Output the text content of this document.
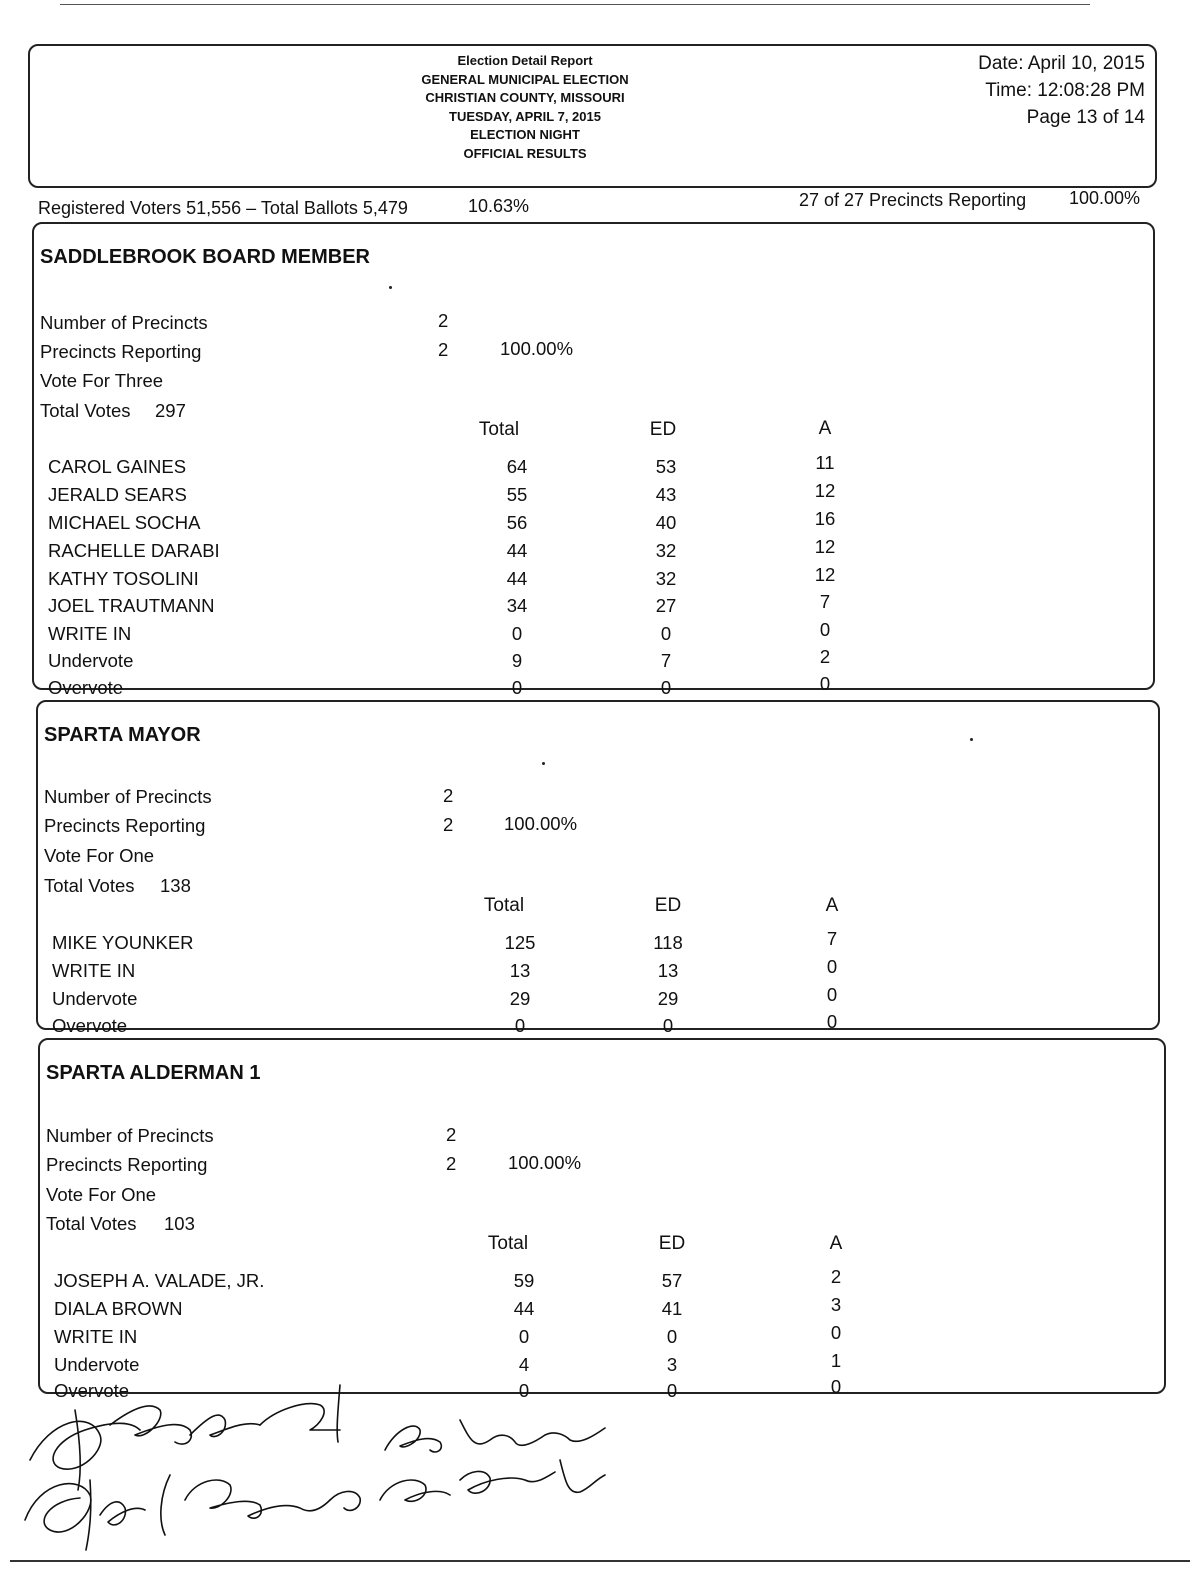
Election Detail Report
GENERAL MUNICIPAL ELECTION
CHRISTIAN COUNTY, MISSOURI
TUESDAY, APRIL 7, 2015
ELECTION NIGHT
OFFICIAL RESULTS
Date: April 10, 2015
Time: 12:08:28 PM
Page 13 of 14
Registered Voters 51,556 – Total Ballots 5,479	10.63%	27 of 27 Precincts Reporting 100.00%
SADDLEBROOK BOARD MEMBER
Number of Precincts	2
Precincts Reporting	2	100.00%
Vote For Three
Total Votes 297
Total	ED	A
CAROL GAINES	64	53	11
JERALD SEARS	55	43	12
MICHAEL SOCHA	56	40	16
RACHELLE DARABI	44	32	12
KATHY TOSOLINI	44	32	12
JOEL TRAUTMANN	34	27	7
WRITE IN	0	0	0
Undervote	9	7	2
Overvote	0	0	0
SPARTA MAYOR
Number of Precincts	2
Precincts Reporting	2	100.00%
Vote For One
Total Votes 138
Total	ED	A
MIKE YOUNKER	125	118	7
WRITE IN	13	13	0
Undervote	29	29	0
Overvote	0	0	0
SPARTA ALDERMAN 1
Number of Precincts	2
Precincts Reporting	2	100.00%
Vote For One
Total Votes 103
Total	ED	A
JOSEPH A. VALADE, JR.	59	57	2
DIALA BROWN	44	41	3
WRITE IN	0	0	0
Undervote	4	3	1
Overvote	0	0	0
